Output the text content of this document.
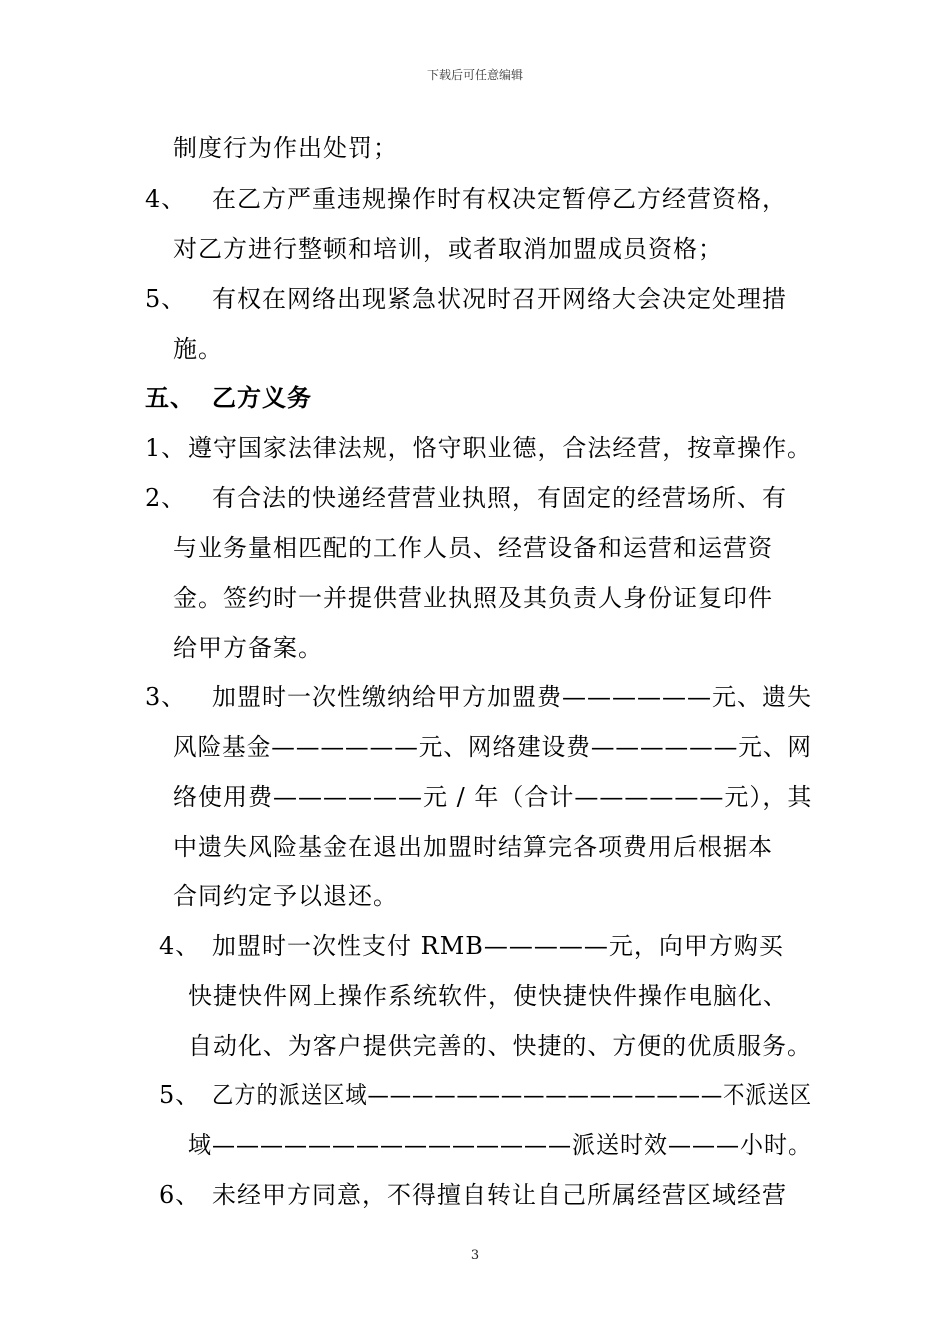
下载后可任意编辑
制度行为作出处罚；
4、 在乙方严重违规操作时有权决定暂停乙方经营资格，
对乙方进行整顿和培训，或者取消加盟成员资格；
5、 有权在网络出现紧急状况时召开网络大会决定处理措
施。
五、 乙方义务
1、 遵守国家法律法规，恪守职业德，合法经营，按章操作。
2、 有合法的快递经营营业执照，有固定的经营场所、有
与业务量相匹配的工作人员、经营设备和运营和运营资
金。签约时一并提供营业执照及其负责人身份证复印件
给甲方备案。
3、 加盟时一次性缴纳给甲方加盟费——————元、遗失
风险基金——————元、网络建设费——————元、网
络使用费——————元 / 年（合计——————元），其
中遗失风险基金在退出加盟时结算完各项费用后根据本
合同约定予以退还。
4、 加盟时一次性支付 RMB—————元，向甲方购买
快捷快件网上操作系统软件，使快捷快件操作电脑化、
自动化、为客户提供完善的、快捷的、方便的优质服务。
5、 乙方的派送区域————————————————不派送区
域———————————————派送时效———小时。
6、 未经甲方同意，不得擅自转让自己所属经营区域经营
3
